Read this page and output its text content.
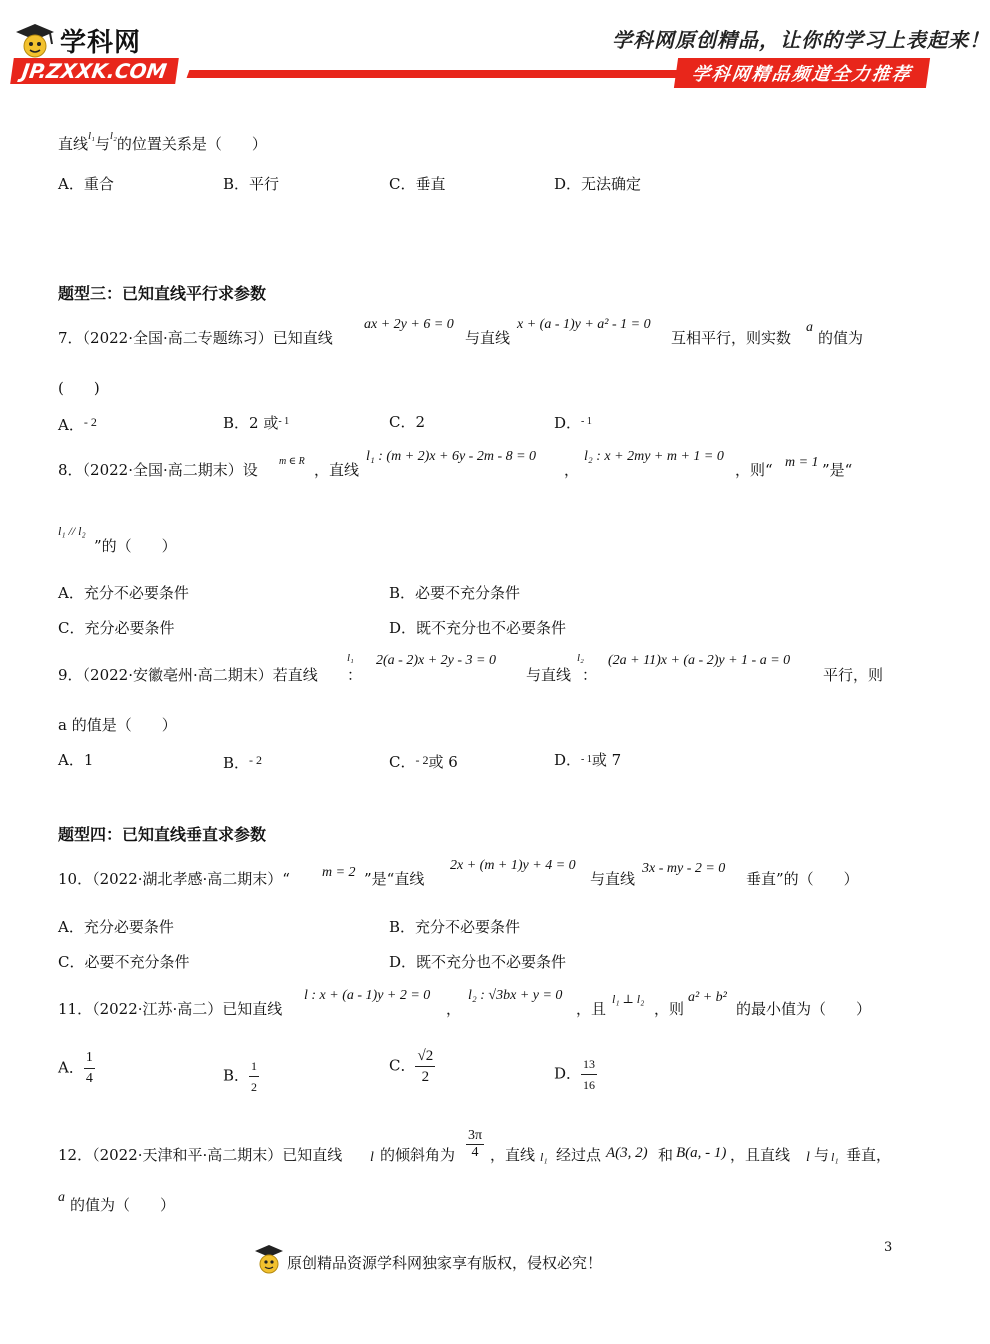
学科网
JP.ZXXK.COM
学科网原创精品，让你的学习上表起来！
学科网精品频道全力推荐
直线$^{l_1}$与$^{l_2}$的位置关系是（　　）
A．重合	B．平行	C．垂直	D．无法确定
题型三：已知直线平行求参数
7．（2022·全国·高二专题练习）已知直线
ax + 2y + 6 = 0
与直线
x + (a - 1)y + a² - 1 = 0
互相平行，则实数
a
的值为
(　　)
A．$^{- 2}$	B．2 或$^{- 1}$	C．2	D．$^{- 1}$
8．（2022·全国·高二期末）设 m ∈ R ，直线
l₁ : (m + 2)x + 6y - 2m - 8 = 0
，
l₂ : x + 2my + m + 1 = 0
，则“ m = 1 ”是“
l₁ // l₂
”的（　　）
A．充分不必要条件	B．必要不充分条件
C．充分必要条件	D．既不充分也不必要条件
9．（2022·安徽亳州·高二期末）若直线
l₁
：
2(a - 2)x + 2y - 3 = 0
与直线
l₂
：
(2a + 11)x + (a - 2)y + 1 - a = 0
平行，则
a 的值是（　　）
A．1	B．$^{- 2}$	C．$^{- 2}$或 6	D．$^{- 1}$或 7
题型四：已知直线垂直求参数
10．（2022·湖北孝感·高二期末）“ m = 2 ”是“直线
2x + (m + 1)y + 4 = 0
与直线
3x - my - 2 = 0
垂直”的（　　）
A．充分必要条件	B．充分不必要条件
C．必要不充分条件	D．既不充分也不必要条件
11．（2022·江苏·高二）已知直线
l : x + (a - 1)y + 2 = 0
，
l₂ : √3bx + y = 0
，且
l₁ ⊥ l₂
，则
a² + b²
的最小值为（　　）
A． $\frac{1}{4}$	B． $\frac{1}{2}$	C． $\frac{√2}{2}$	D． $\frac{13}{16}$
12．（2022·天津和平·高二期末）已知直线 l 的倾斜角为 $\frac{3\pi}{4}$ ，直线 l₁ 经过点 A(3, 2) 和 B(a, - 1) ，且直线 l 与 l₁ 垂直，
a 的值为（　　）
3
原创精品资源学科网独家享有版权，侵权必究！
